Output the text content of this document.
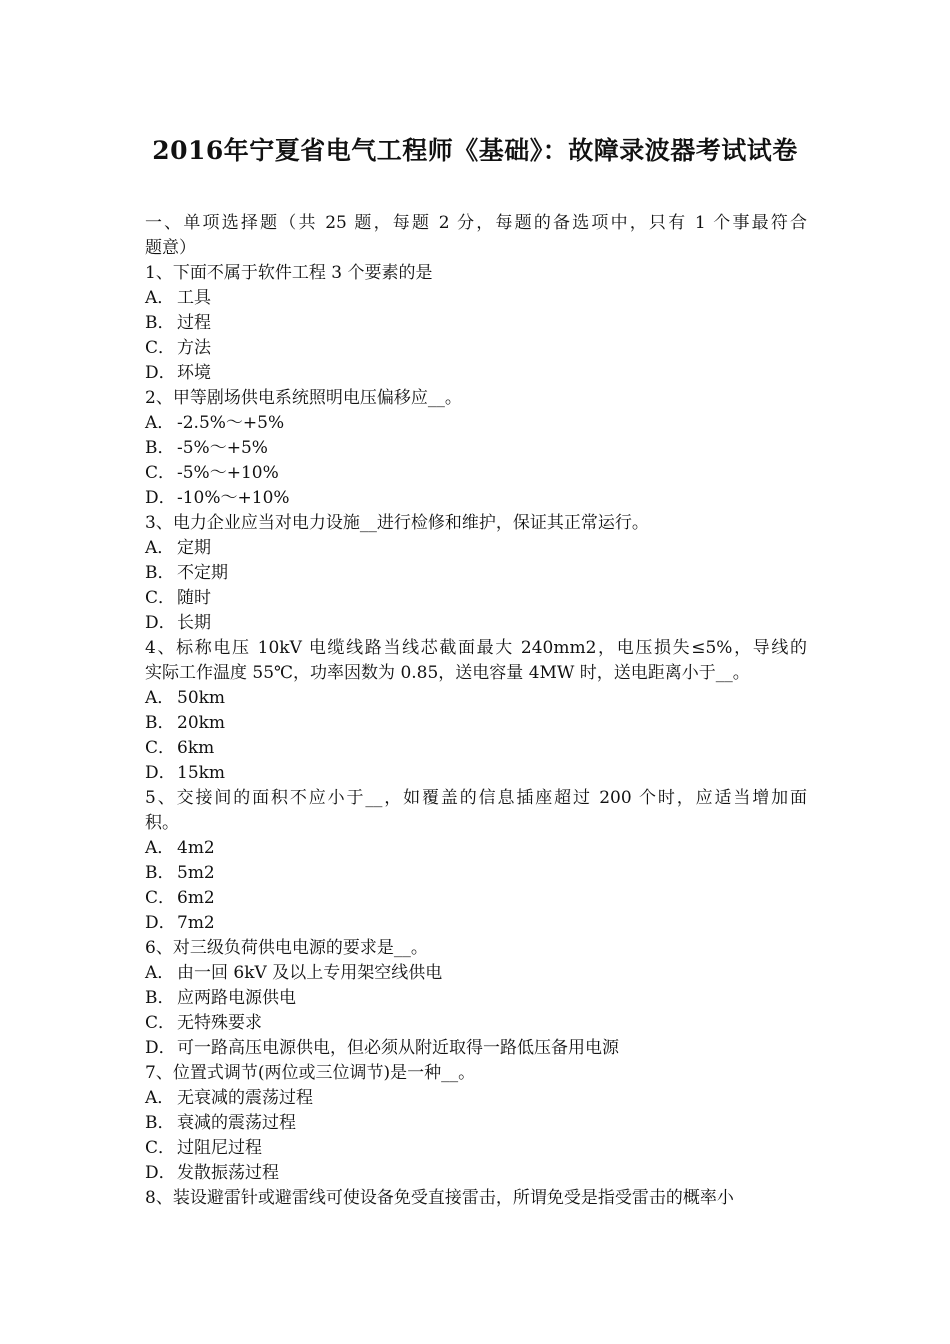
2016年宁夏省电气工程师《基础》：故障录波器考试试卷
一、单项选择题（共 25 题，每题 2 分，每题的备选项中，只有 1 个事最符合
题意）
1、下面不属于软件工程 3 个要素的是
A． 工具
B． 过程
C． 方法
D．环境
2、甲等剧场供电系统照明电压偏移应__。
A． -2.5%～+5%
B． -5%～+5%
C． -5%～+10%
D．-10%～+10%
3、电力企业应当对电力设施__进行检修和维护，保证其正常运行。
A． 定期
B． 不定期
C． 随时
D．长期
4、标称电压 10kV 电缆线路当线芯截面最大 240mm2，电压损失≤5%，导线的
实际工作温度 55℃，功率因数为 0.85，送电容量 4MW 时，送电距离小于__。
A． 50km
B． 20km
C． 6km
D．15km
5、交接间的面积不应小于__，如覆盖的信息插座超过 200 个时，应适当增加面
积。
A． 4m2
B． 5m2
C． 6m2
D．7m2
6、对三级负荷供电电源的要求是__。
A． 由一回 6kV 及以上专用架空线供电
B． 应两路电源供电
C． 无特殊要求
D．可一路高压电源供电，但必须从附近取得一路低压备用电源
7、位置式调节(两位或三位调节)是一种__。
A． 无衰减的震荡过程
B． 衰减的震荡过程
C． 过阻尼过程
D．发散振荡过程
8、装设避雷针或避雷线可使设备免受直接雷击，所谓免受是指受雷击的概率小
